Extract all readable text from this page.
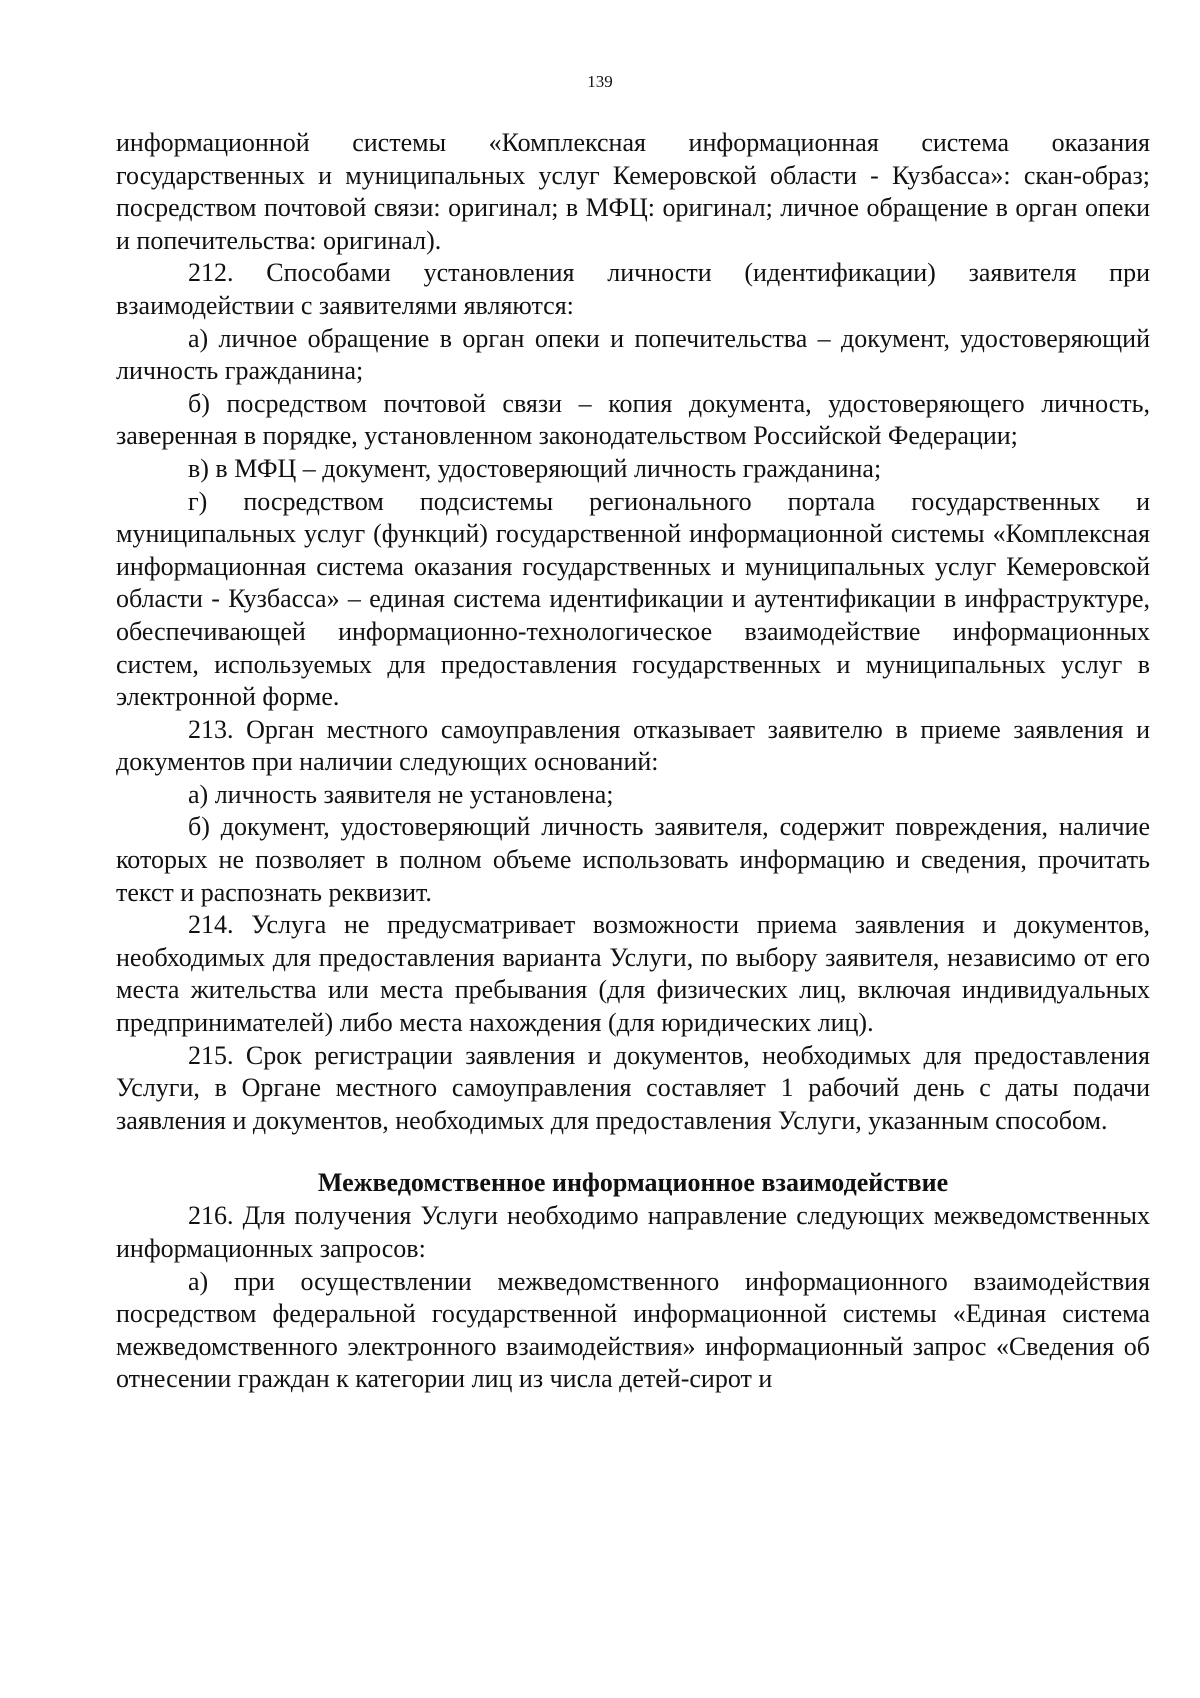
139

информационной системы «Комплексная информационная система оказания государственных и муниципальных услуг Кемеровской области - Кузбасса»: скан-образ; посредством почтовой связи: оригинал; в МФЦ: оригинал; личное обращение в орган опеки и попечительства: оригинал).

212. Способами установления личности (идентификации) заявителя при взаимодействии с заявителями являются:

а) личное обращение в орган опеки и попечительства – документ, удостоверяющий личность гражданина;

б) посредством почтовой связи – копия документа, удостоверяющего личность, заверенная в порядке, установленном законодательством Российской Федерации;

в) в МФЦ – документ, удостоверяющий личность гражданина;

г) посредством подсистемы регионального портала государственных и муниципальных услуг (функций) государственной информационной системы «Комплексная информационная система оказания государственных и муниципальных услуг Кемеровской области - Кузбасса» – единая система идентификации и аутентификации в инфраструктуре, обеспечивающей информационно-технологическое взаимодействие информационных систем, используемых для предоставления государственных и муниципальных услуг в электронной форме.

213. Орган местного самоуправления отказывает заявителю в приеме заявления и документов при наличии следующих оснований:

а) личность заявителя не установлена;

б) документ, удостоверяющий личность заявителя, содержит повреждения, наличие которых не позволяет в полном объеме использовать информацию и сведения, прочитать текст и распознать реквизит.

214. Услуга не предусматривает возможности приема заявления и документов, необходимых для предоставления варианта Услуги, по выбору заявителя, независимо от его места жительства или места пребывания (для физических лиц, включая индивидуальных предпринимателей) либо места нахождения (для юридических лиц).

215. Срок регистрации заявления и документов, необходимых для предоставления Услуги, в Органе местного самоуправления составляет 1 рабочий день с даты подачи заявления и документов, необходимых для предоставления Услуги, указанным способом.

Межведомственное информационное взаимодействие

216. Для получения Услуги необходимо направление следующих межведомственных информационных запросов:

а) при осуществлении межведомственного информационного взаимодействия посредством федеральной государственной информационной системы «Единая система межведомственного электронного взаимодействия» информационный запрос «Сведения об отнесении граждан к категории лиц из числа детей-сирот и
